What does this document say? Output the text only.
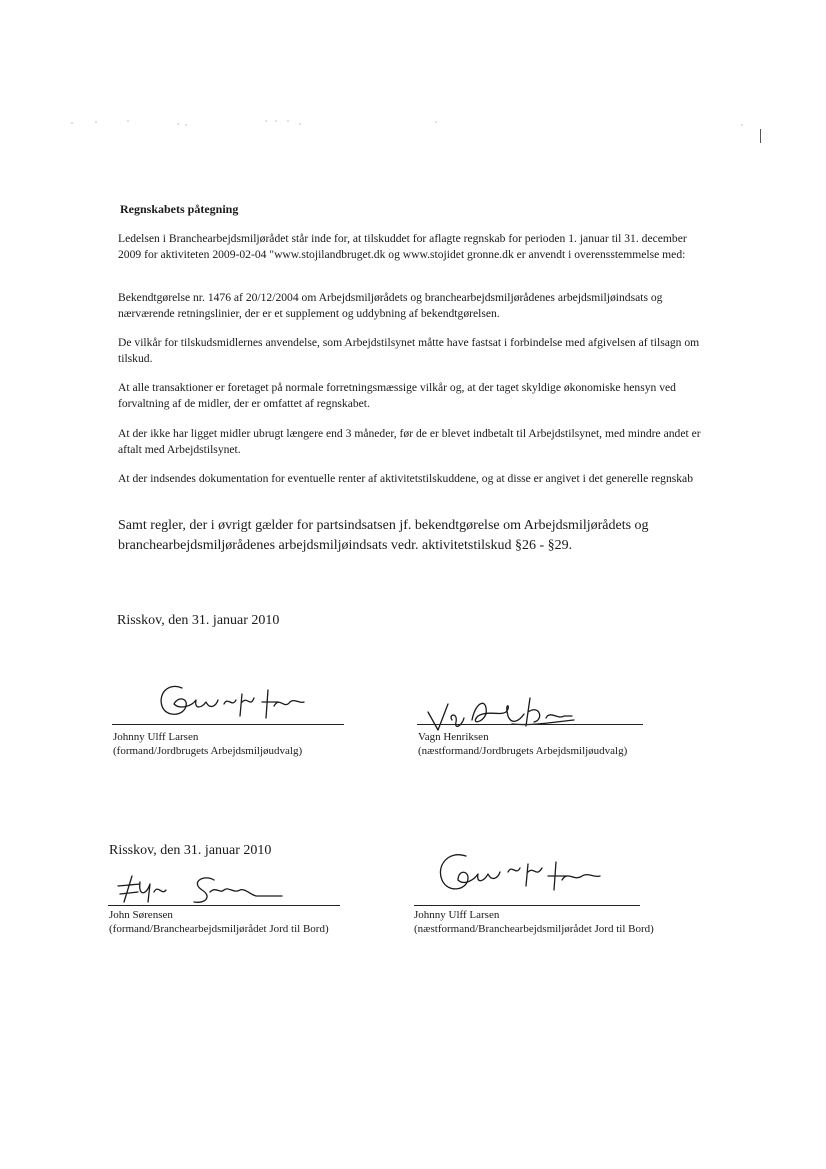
Regnskabets påtegning

Ledelsen i Branchearbejdsmiljørådet står inde for, at tilskuddet for aflagte regnskab for perioden 1. januar til 31. december 2009 for aktiviteten 2009-02-04 "www.stojilandbruget.dk og www.stojidet gronne.dk er anvendt i overensstemmelse med:

Bekendtgørelse nr. 1476 af 20/12/2004 om Arbejdsmiljørådets og branchearbejdsmiljørådenes arbejdsmiljøindsats og nærværende retningslinier, der er et supplement og uddybning af bekendtgørelsen.

De vilkår for tilskudsmidlernes anvendelse, som Arbejdstilsynet måtte have fastsat i forbindelse med afgivelsen af tilsagn om tilskud.

At alle transaktioner er foretaget på normale forretningsmæssige vilkår og, at der taget skyldige økonomiske hensyn ved forvaltning af de midler, der er omfattet af regnskabet.

At der ikke har ligget midler ubrugt længere end 3 måneder, før de er blevet indbetalt til Arbejdstilsynet, med mindre andet er aftalt med Arbejdstilsynet.

At der indsendes dokumentation for eventuelle renter af aktivitetstilskuddene, og at disse er angivet i det generelle regnskab

Samt regler, der i øvrigt gælder for partsindsatsen jf. bekendtgørelse om Arbejdsmiljørådets og branchearbejdsmiljørådenes arbejdsmiljøindsats vedr. aktivitetstilskud §26 - §29.

Risskov, den 31. januar 2010
Johnny Ulff Larsen
(formand/Jordbrugets Arbejdsmiljøudvalg)
Vagn Henriksen
(næstformand/Jordbrugets Arbejdsmiljøudvalg)
Risskov, den 31. januar 2010
John Sørensen
(formand/Branchearbejdsmiljørådet Jord til Bord)
Johnny Ulff Larsen
(næstformand/Branchearbejdsmiljørådet Jord til Bord)
